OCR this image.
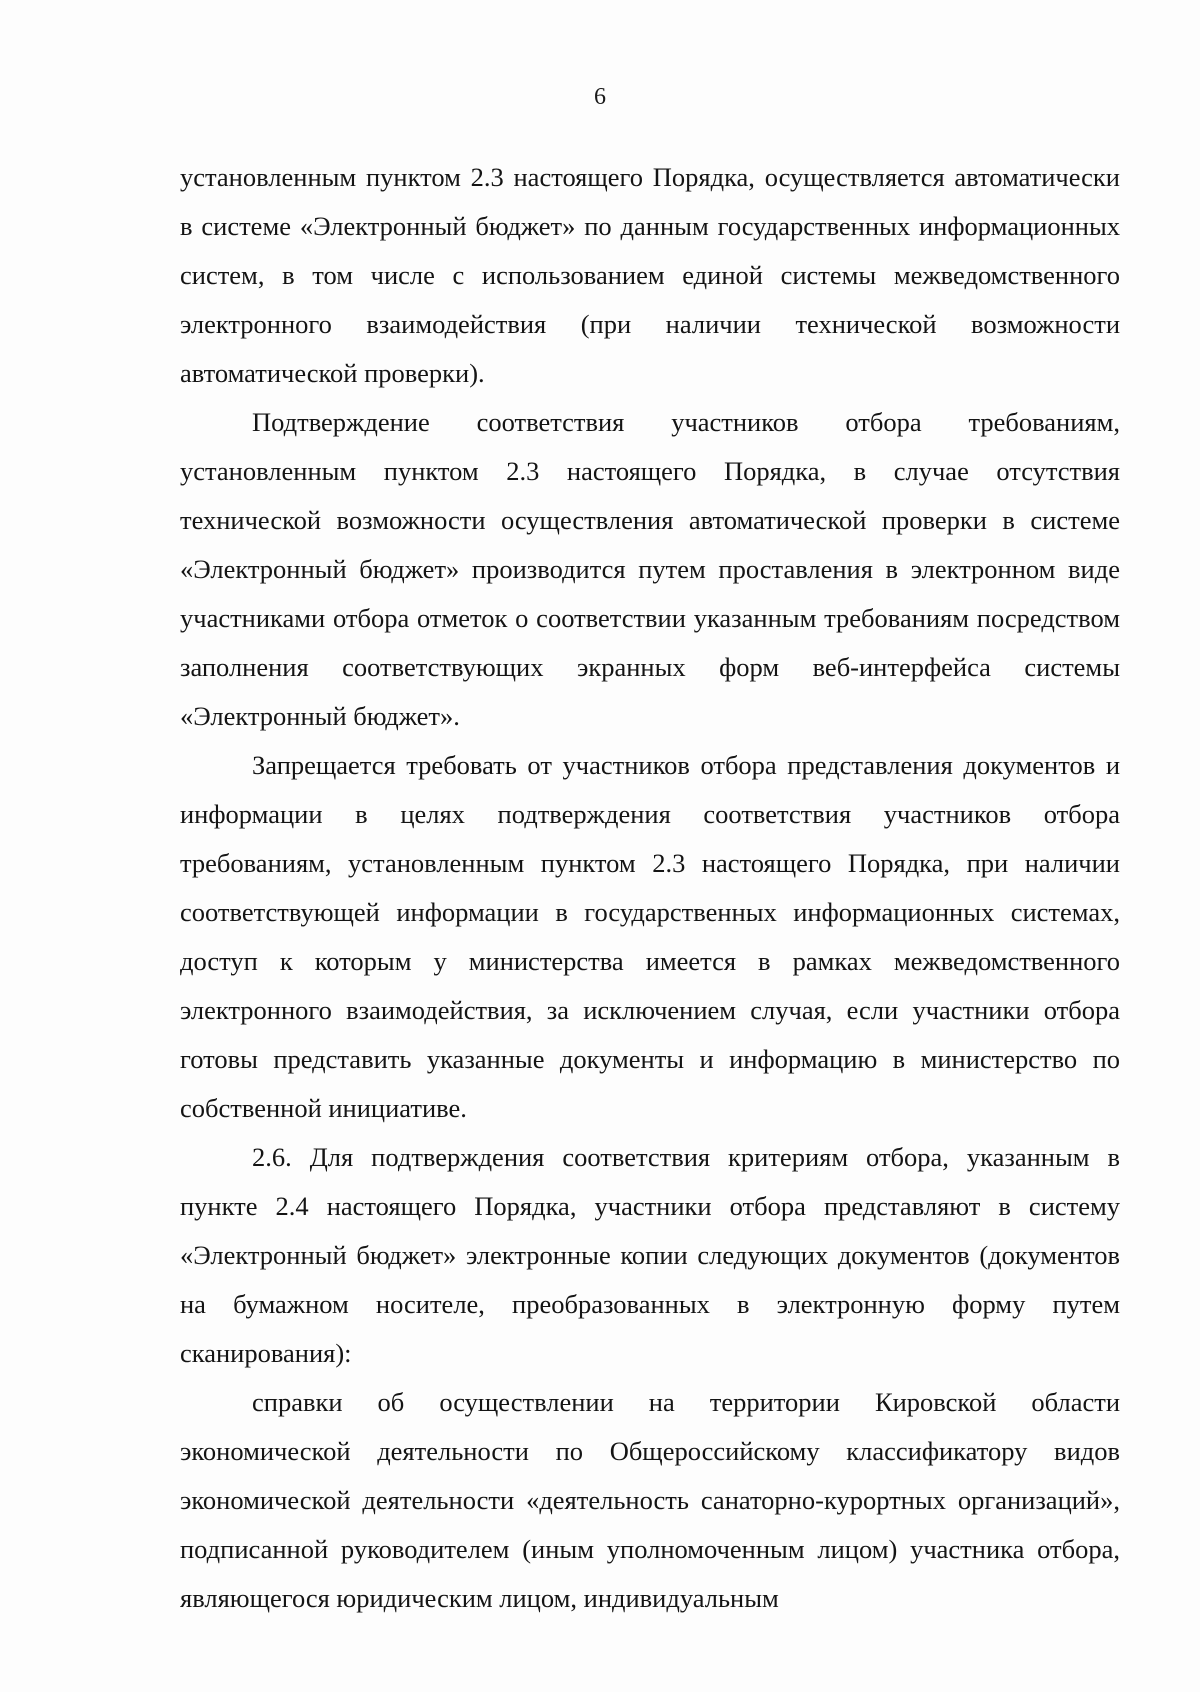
6

установленным пунктом 2.3 настоящего Порядка, осуществляется автоматически в системе «Электронный бюджет» по данным государственных информационных систем, в том числе с использованием единой системы межведомственного электронного взаимодействия (при наличии технической возможности автоматической проверки).

Подтверждение соответствия участников отбора требованиям, установленным пунктом 2.3 настоящего Порядка, в случае отсутствия технической возможности осуществления автоматической проверки в системе «Электронный бюджет» производится путем проставления в электронном виде участниками отбора отметок о соответствии указанным требованиям посредством заполнения соответствующих экранных форм веб-интерфейса системы «Электронный бюджет».

Запрещается требовать от участников отбора представления документов и информации в целях подтверждения соответствия участников отбора требованиям, установленным пунктом 2.3 настоящего Порядка, при наличии соответствующей информации в государственных информационных системах, доступ к которым у министерства имеется в рамках межведомственного электронного взаимодействия, за исключением случая, если участники отбора готовы представить указанные документы и информацию в министерство по собственной инициативе.

2.6. Для подтверждения соответствия критериям отбора, указанным в пункте 2.4 настоящего Порядка, участники отбора представляют в систему «Электронный бюджет» электронные копии следующих документов (документов на бумажном носителе, преобразованных в электронную форму путем сканирования):

справки об осуществлении на территории Кировской области экономической деятельности по Общероссийскому классификатору видов экономической деятельности «деятельность санаторно-курортных организаций», подписанной руководителем (иным уполномоченным лицом) участника отбора, являющегося юридическим лицом, индивидуальным
